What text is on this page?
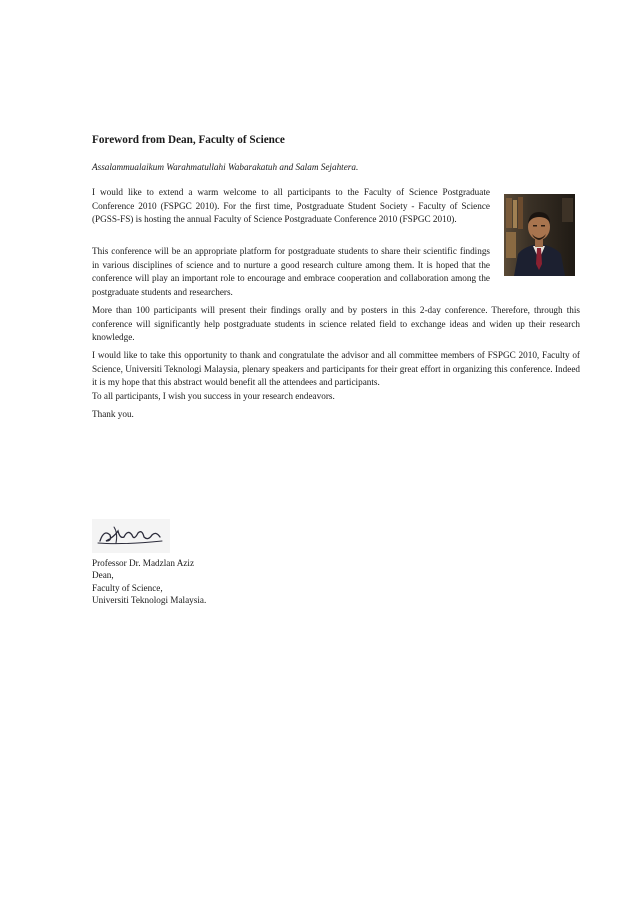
Foreword from Dean, Faculty of Science
Assalammualaikum Warahmatullahi Wabarakatuh and Salam Sejahtera.

I would like to extend a warm welcome to all participants to the Faculty of Science Postgraduate Conference 2010 (FSPGC 2010). For the first time, Postgraduate Student Society - Faculty of Science (PGSS-FS) is hosting the annual Faculty of Science Postgraduate Conference 2010 (FSPGC 2010).

This conference will be an appropriate platform for postgraduate students to share their scientific findings in various disciplines of science and to nurture a good research culture among them. It is hoped that the conference will play an important role to encourage and embrace cooperation and collaboration among the postgraduate students and researchers.

More than 100 participants will present their findings orally and by posters in this 2-day conference. Therefore, through this conference will significantly help postgraduate students in science related field to exchange ideas and widen up their research knowledge.

I would like to take this opportunity to thank and congratulate the advisor and all committee members of FSPGC 2010, Faculty of Science, Universiti Teknologi Malaysia, plenary speakers and participants for their great effort in organizing this conference. Indeed it is my hope that this abstract would benefit all the attendees and participants.
To all participants, I wish you success in your research endeavors.

Thank you.

Professor Dr. Madzlan Aziz
Dean,
Faculty of Science,
Universiti Teknologi Malaysia.
